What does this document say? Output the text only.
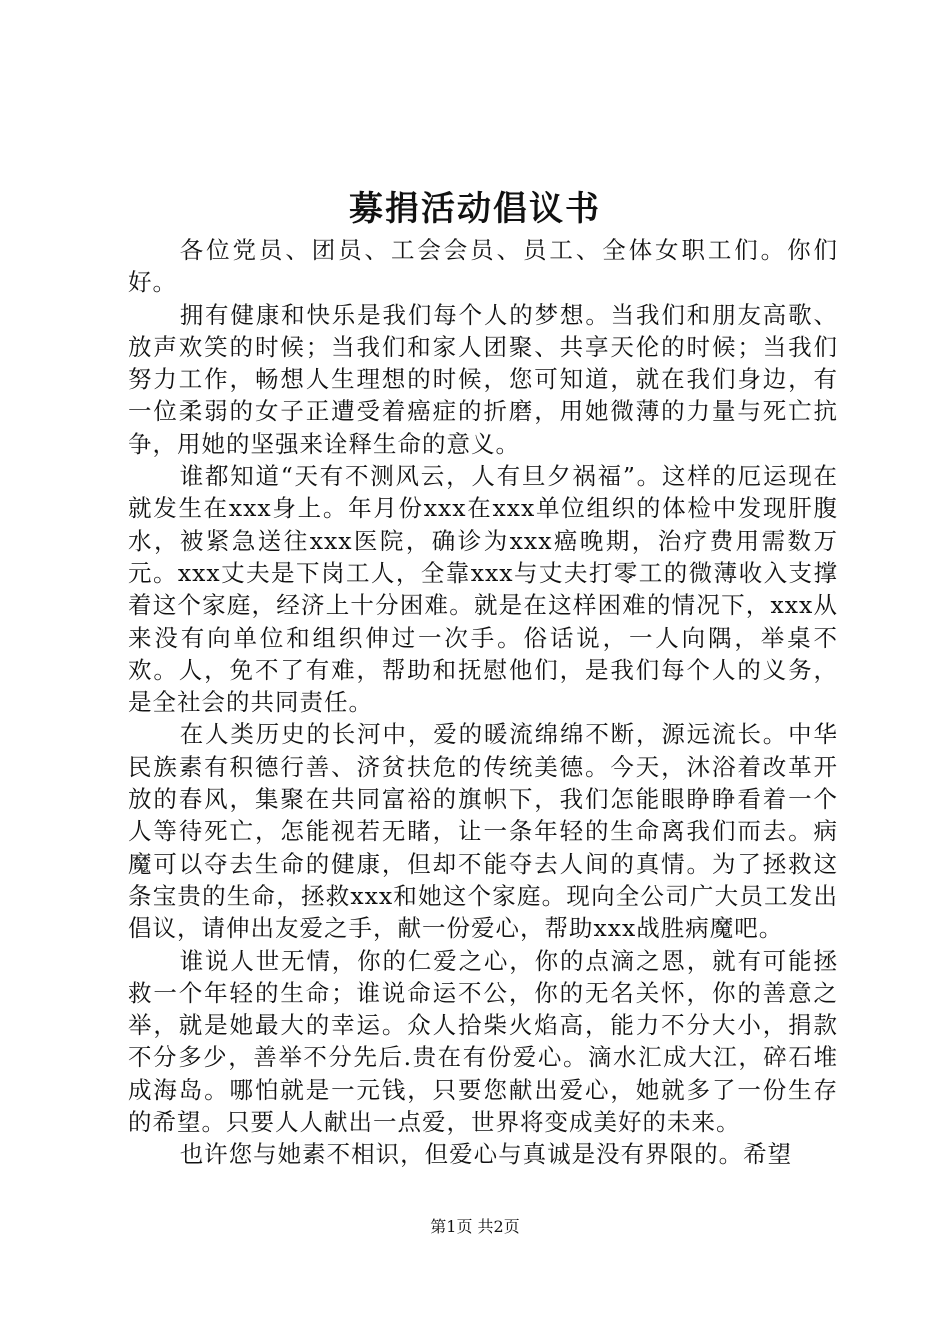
募捐活动倡议书

各位党员、团员、工会会员、员工、全体女职工们。你们好。

拥有健康和快乐是我们每个人的梦想。当我们和朋友高歌、放声欢笑的时候；当我们和家人团聚、共享天伦的时候；当我们努力工作，畅想人生理想的时候，您可知道，就在我们身边，有一位柔弱的女子正遭受着癌症的折磨，用她微薄的力量与死亡抗争，用她的坚强来诠释生命的意义。

谁都知道“天有不测风云，人有旦夕祸福”。这样的厄运现在就发生在xxx身上。年月份xxx在xxx单位组织的体检中发现肝腹水，被紧急送往xxx医院，确诊为xxx癌晚期，治疗费用需数万元。xxx丈夫是下岗工人，全靠xxx与丈夫打零工的微薄收入支撑着这个家庭，经济上十分困难。就是在这样困难的情况下，xxx从来没有向单位和组织伸过一次手。俗话说，一人向隅，举桌不欢。人，免不了有难，帮助和抚慰他们，是我们每个人的义务，是全社会的共同责任。

在人类历史的长河中，爱的暖流绵绵不断，源远流长。中华民族素有积德行善、济贫扶危的传统美德。今天，沐浴着改革开放的春风，集聚在共同富裕的旗帜下，我们怎能眼睁睁看着一个人等待死亡，怎能视若无睹，让一条年轻的生命离我们而去。病魔可以夺去生命的健康，但却不能夺去人间的真情。为了拯救这条宝贵的生命，拯救xxx和她这个家庭。现向全公司广大员工发出倡议，请伸出友爱之手，献一份爱心，帮助xxx战胜病魔吧。

谁说人世无情，你的仁爱之心，你的点滴之恩，就有可能拯救一个年轻的生命；谁说命运不公，你的无名关怀，你的善意之举，就是她最大的幸运。众人拾柴火焰高，能力不分大小，捐款不分多少，善举不分先后.贵在有份爱心。滴水汇成大江，碎石堆成海岛。哪怕就是一元钱，只要您献出爱心，她就多了一份生存的希望。只要人人献出一点爱，世界将变成美好的未来。

也许您与她素不相识，但爱心与真诚是没有界限的。希望

第1页 共2页
